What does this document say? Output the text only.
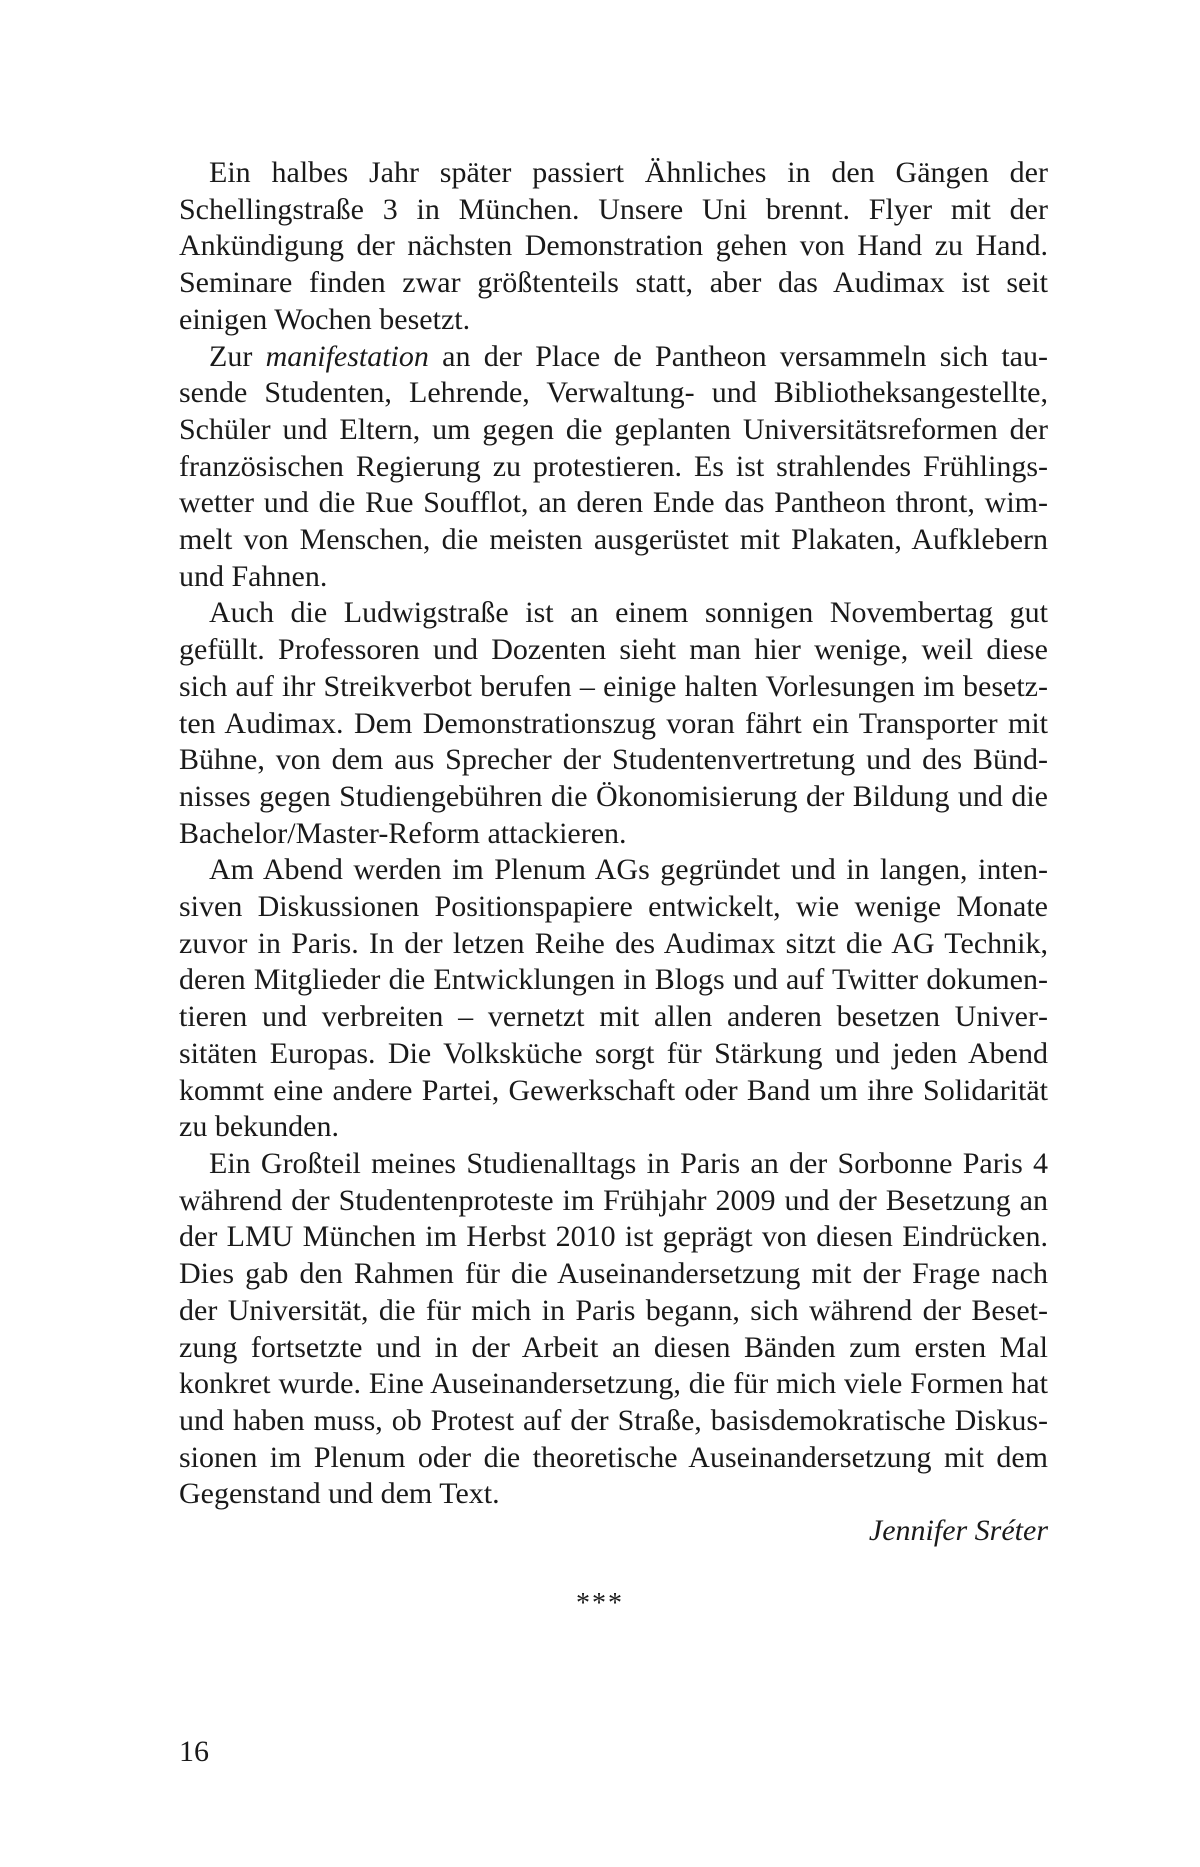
Ein halbes Jahr später passiert Ähnliches in den Gängen der Schellingstraße 3 in München. Unsere Uni brennt. Flyer mit der Ankündigung der nächsten Demonstration gehen von Hand zu Hand. Seminare finden zwar größtenteils statt, aber das Audimax ist seit einigen Wochen besetzt.

Zur manifestation an der Place de Pantheon versammeln sich tausende Studenten, Lehrende, Verwaltung- und Bibliotheksangestellte, Schüler und Eltern, um gegen die geplanten Universitätsreformen der französischen Regierung zu protestieren. Es ist strahlendes Frühlingswetter und die Rue Soufflot, an deren Ende das Pantheon thront, wimmelt von Menschen, die meisten ausgerüstet mit Plakaten, Aufklebern und Fahnen.

Auch die Ludwigstraße ist an einem sonnigen Novembertag gut gefüllt. Professoren und Dozenten sieht man hier wenige, weil diese sich auf ihr Streikverbot berufen – einige halten Vorlesungen im besetzten Audimax. Dem Demonstrationszug voran fährt ein Transporter mit Bühne, von dem aus Sprecher der Studentenvertretung und des Bündnisses gegen Studiengebühren die Ökonomisierung der Bildung und die Bachelor/Master-Reform attackieren.

Am Abend werden im Plenum AGs gegründet und in langen, intensiven Diskussionen Positionspapiere entwickelt, wie wenige Monate zuvor in Paris. In der letzen Reihe des Audimax sitzt die AG Technik, deren Mitglieder die Entwicklungen in Blogs und auf Twitter dokumentieren und verbreiten – vernetzt mit allen anderen besetzen Universitäten Europas. Die Volksküche sorgt für Stärkung und jeden Abend kommt eine andere Partei, Gewerkschaft oder Band um ihre Solidarität zu bekunden.

Ein Großteil meines Studienalltags in Paris an der Sorbonne Paris 4 während der Studentenproteste im Frühjahr 2009 und der Besetzung an der LMU München im Herbst 2010 ist geprägt von diesen Eindrücken. Dies gab den Rahmen für die Auseinandersetzung mit der Frage nach der Universität, die für mich in Paris begann, sich während der Besetzung fortsetzte und in der Arbeit an diesen Bänden zum ersten Mal konkret wurde. Eine Auseinandersetzung, die für mich viele Formen hat und haben muss, ob Protest auf der Straße, basisdemokratische Diskussionen im Plenum oder die theoretische Auseinandersetzung mit dem Gegenstand und dem Text.

Jennifer Sréter

***
16
